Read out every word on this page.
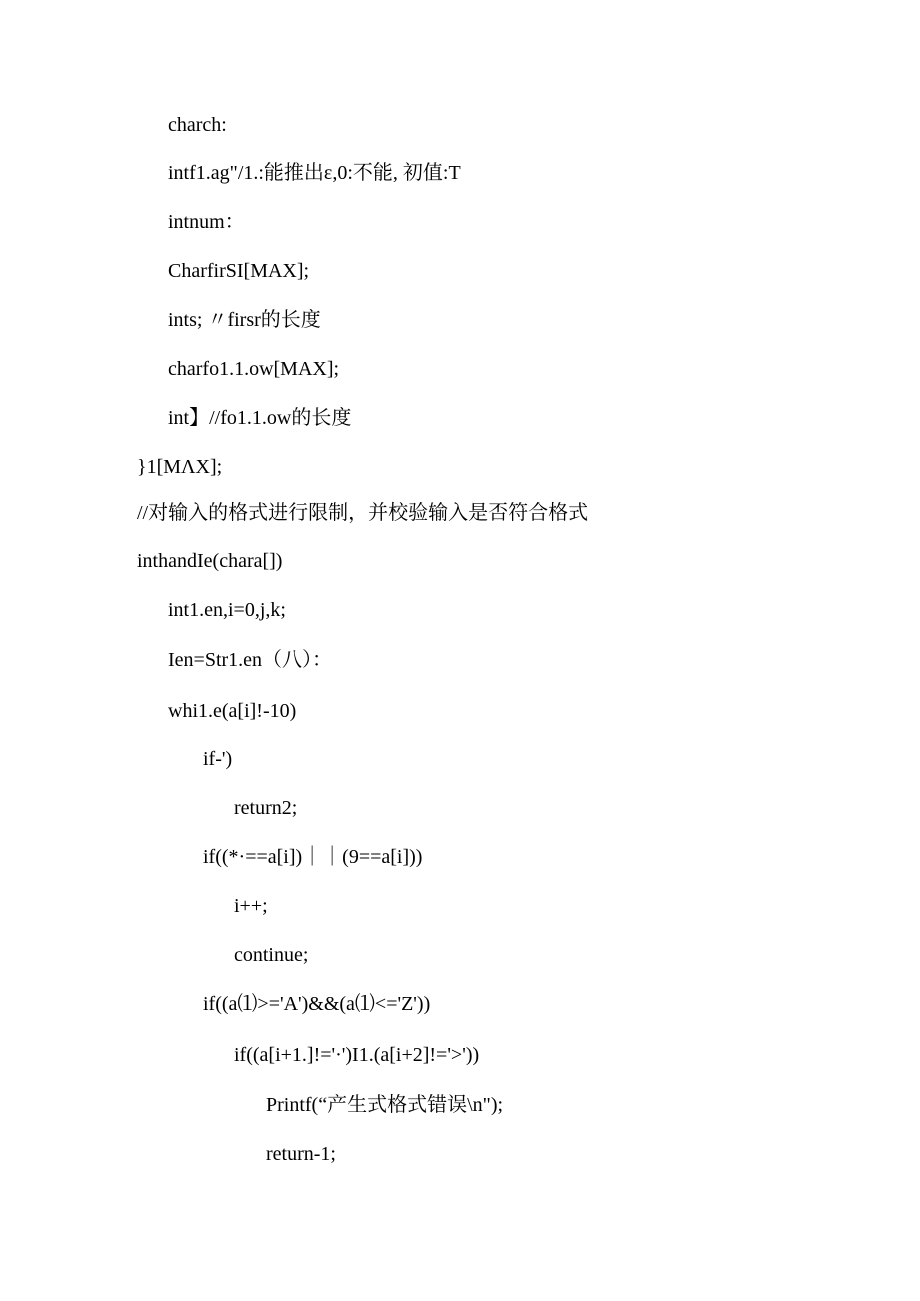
charch:
intf1.ag"/1.:能推出ε,0:不能, 初值:T
intnum：
CharfirSI[MAX];
ints; 〃firsr的长度
charfo1.1.ow[MAX];
int】//fo1.1.ow的长度
}1[MΛX];
//对输入的格式进行限制，并校验输入是否符合格式
inthandIe(chara[])
int1.en,i=0,j,k;
Ien=Str1.en（八）：
whi1.e(a[i]!-10)
if-')
return2;
if((*·==a[i])｜｜(9==a[i]))
i++;
continue;
if((a⑴>='A')&&(a⑴<='Z'))
if((a[i+1.]!='·')I1.(a[i+2]!='>'))
Printf(“产生式格式错误\n");
return-1;
